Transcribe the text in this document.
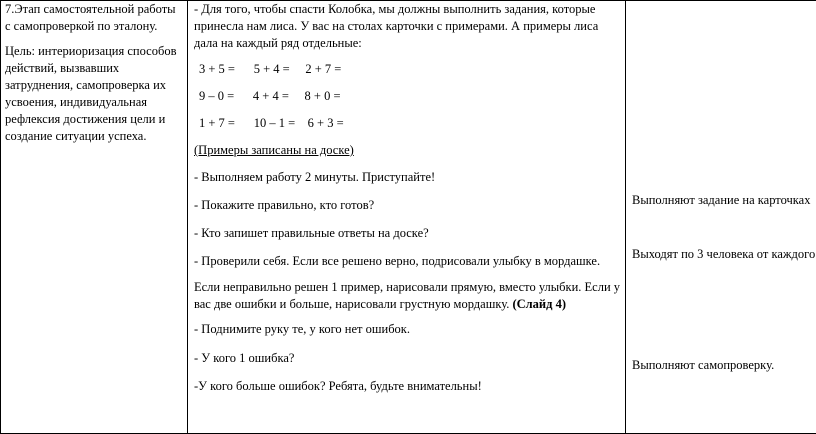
7.Этап самостоятельной работы с самопроверкой по эталону.

Цель: интериоризация способов действий, вызвавших затруднения, самопроверка их усвоения, индивидуальная рефлексия достижения цели и создание ситуации успеха.

- Для того, чтобы спасти Колобка, мы должны выполнить задания, которые принесла нам лиса. У вас на столах карточки с примерами. А примеры лиса дала на каждый ряд отдельные:

3 + 5 =      5 + 4 =     2 + 7 =
9 – 0 =      4 + 4 =     8 + 0 =
1 + 7 =      10 – 1 =    6 + 3 =
(Примеры записаны на доске)
- Выполняем работу 2 минуты. Приступайте!
- Покажите правильно, кто готов?
- Кто запишет правильные ответы на доске?
- Проверили себя. Если все решено верно, подрисовали улыбку в мордашке.
Если неправильно решен 1 пример, нарисовали прямую, вместо улыбки. Если у вас две ошибки и больше, нарисовали грустную мордашку. (Слайд 4)
- Поднимите руку те, у кого нет ошибок.
- У кого 1 ошибка?
-У кого больше ошибок? Ребята, будьте внимательны!
Выполняют задание на карточках
Выходят по 3 человека от каждого
Выполняют самопроверку.
